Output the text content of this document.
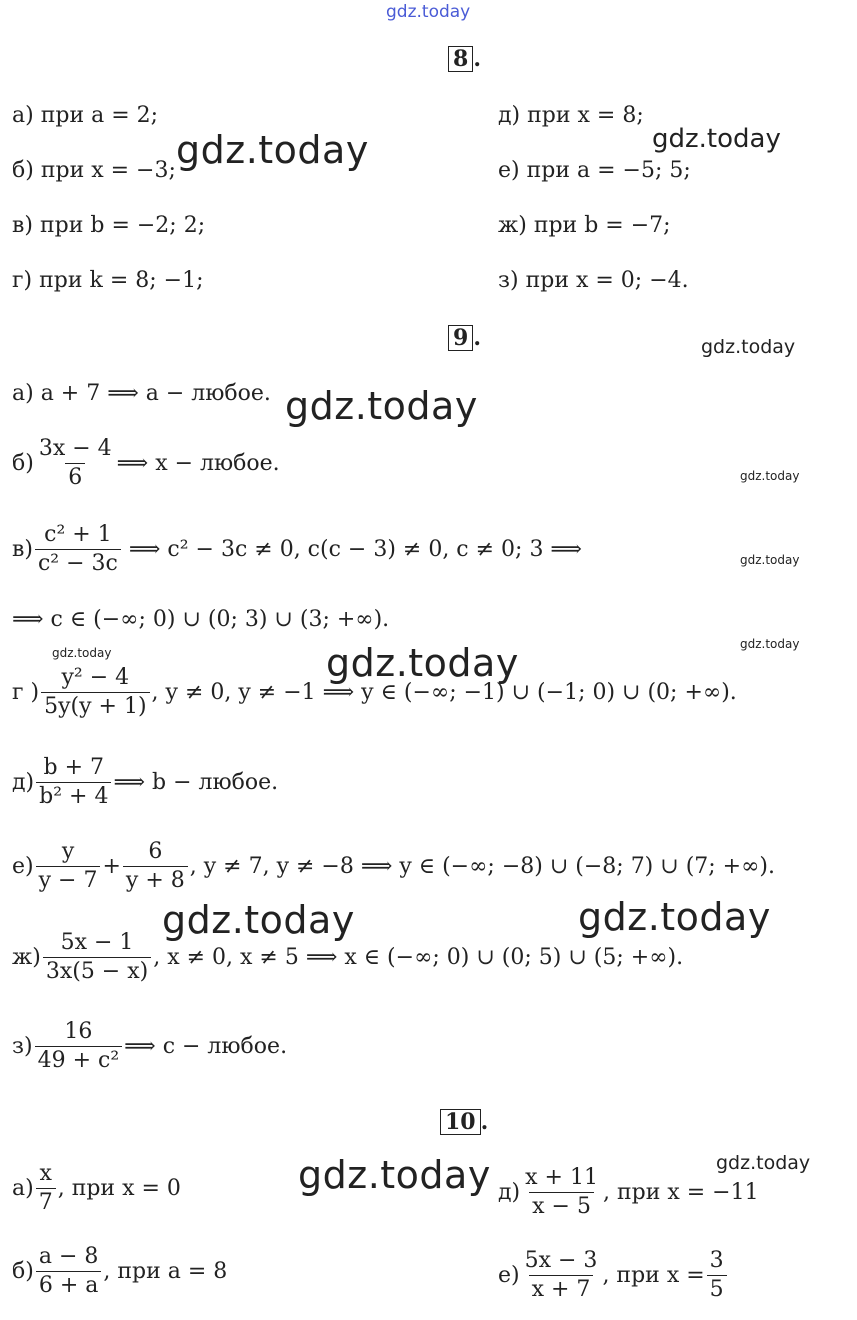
gdz.today
gdz.today	gdz.today
gdz.today
gdz.today
gdz.today
gdz.today
gdz.today
gdz.today	gdz.today
gdz.today	gdz.today
gdz.today	gdz.today
8 .
а) при a = 2;
б) при x = −3;
в) при b = −2; 2;
г) при k = 8; −1;
д) при x = 8;
е) при a = −5; 5;
ж) при b = −7;
з) при x = 0; −4.
9 .
а) a + 7 ⟹ a − любое.
$б) \frac{3x - 4}{6}$ ⟹ x − любое.
$в) \frac{\text{c² + 1}}{\text{c² − 3c}}$ ⟹ c² − 3c ≠ 0, c(c − 3) ≠ 0, c ≠ 0; 3 ⟹
⟹ c ∈ (−∞; 0) ∪ (0; 3) ∪ (3; +∞).
г ) $\frac{\text{y² − 4}}{5y(y + 1)}$ , y ≠ 0, y ≠ −1 ⟹ y ∈ (−∞; −1) ∪ (−1; 0) ∪ (0; +∞).
$д) \frac{b + 7}{\text{b² + 4}}$ ⟹ b − любое.
$е) \frac{y}{y - 7} + \frac{6}{y + 8}$ , y ≠ 7, y ≠ −8 ⟹ y ∈ (−∞; −8) ∪ (−8; 7) ∪ (7; +∞).
$ж) \frac{5x - 1}{3x(5 - x)}$ , x ≠ 0, x ≠ 5 ⟹ x ∈ (−∞; 0) ∪ (0; 5) ∪ (5; +∞).
$з) \frac{16}{\text{49 + c²}}$ ⟹ c − любое.
10 .
$а) \frac{x}{7}$ , при x = 0
$б) \frac{a - 8}{6 + a}$ , при a = 8
$д) \frac{x + 11}{x - 5}$ , при x = −11
$е) \frac{5x - 3}{x + 7}$ , при $x = \frac{3}{5}$
